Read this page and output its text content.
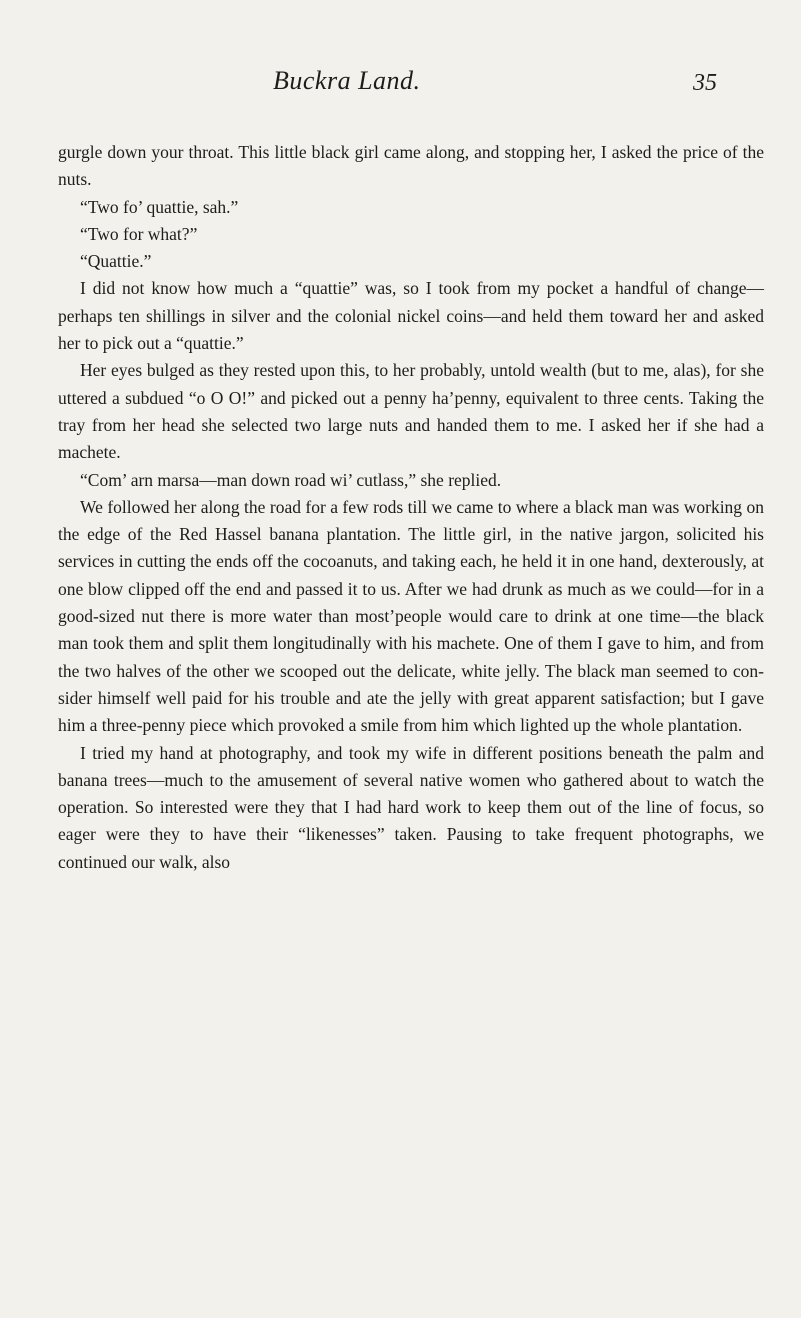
Buckra Land.	35

gurgle down your throat. This little black girl came along, and stopping her, I asked the price of the nuts.

“Two fo’ quattie, sah.”

“Two for what?”

“Quattie.”

I did not know how much a “quattie” was, so I took from my pocket a handful of change—perhaps ten shillings in silver and the colonial nickel coins—and held them toward her and asked her to pick out a “quattie.”

Her eyes bulged as they rested upon this, to her probably, untold wealth (but to me, alas), for she uttered a subdued “o O O!” and picked out a penny ha’penny, equivalent to three cents. Taking the tray from her head she selected two large nuts and handed them to me. I asked her if she had a machete.

“Com’ arn marsa—man down road wi’ cutlass,” she replied.

We followed her along the road for a few rods till we came to where a black man was working on the edge of the Red Hassel banana plantation. The little girl, in the native jargon, solicited his services in cutting the ends off the cocoanuts, and taking each, he held it in one hand, dexterously, at one blow clipped off the end and passed it to us. After we had drunk as much as we could—for in a good-sized nut there is more water than most’people would care to drink at one time—the black man took them and split them longitudinally with his machete. One of them I gave to him, and from the two halves of the other we scooped out the delicate, white jelly. The black man seemed to consider himself well paid for his trouble and ate the jelly with great apparent satisfaction; but I gave him a three-penny piece which provoked a smile from him which lighted up the whole plantation.

I tried my hand at photography, and took my wife in different positions beneath the palm and banana trees—much to the amusement of several native women who gathered about to watch the operation. So interested were they that I had hard work to keep them out of the line of focus, so eager were they to have their “likenesses” taken. Pausing to take frequent photographs, we continued our walk, also
